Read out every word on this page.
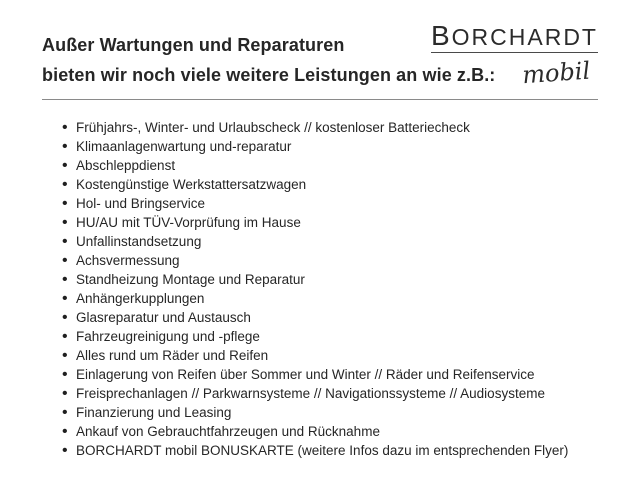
Außer Wartungen und Reparaturen
bieten wir noch viele weitere Leistungen an wie z.B.:
BORCHARDT
mobil
• Frühjahrs-, Winter- und Urlaubscheck // kostenloser Batteriecheck
• Klimaanlagenwartung und-reparatur
• Abschleppdienst
• Kostengünstige Werkstattersatzwagen
• Hol- und Bringservice
• HU/AU mit TÜV-Vorprüfung im Hause
• Unfallinstandsetzung
• Achsvermessung
• Standheizung Montage und Reparatur
• Anhängerkupplungen
• Glasreparatur und Austausch
• Fahrzeugreinigung und -pflege
• Alles rund um Räder und Reifen
• Einlagerung von Reifen über Sommer und Winter // Räder und Reifenservice
• Freisprechanlagen // Parkwarnsysteme // Navigationssysteme // Audiosysteme
• Finanzierung und Leasing
• Ankauf von Gebrauchtfahrzeugen und Rücknahme
• BORCHARDT mobil BONUSKARTE (weitere Infos dazu im entsprechenden Flyer)
